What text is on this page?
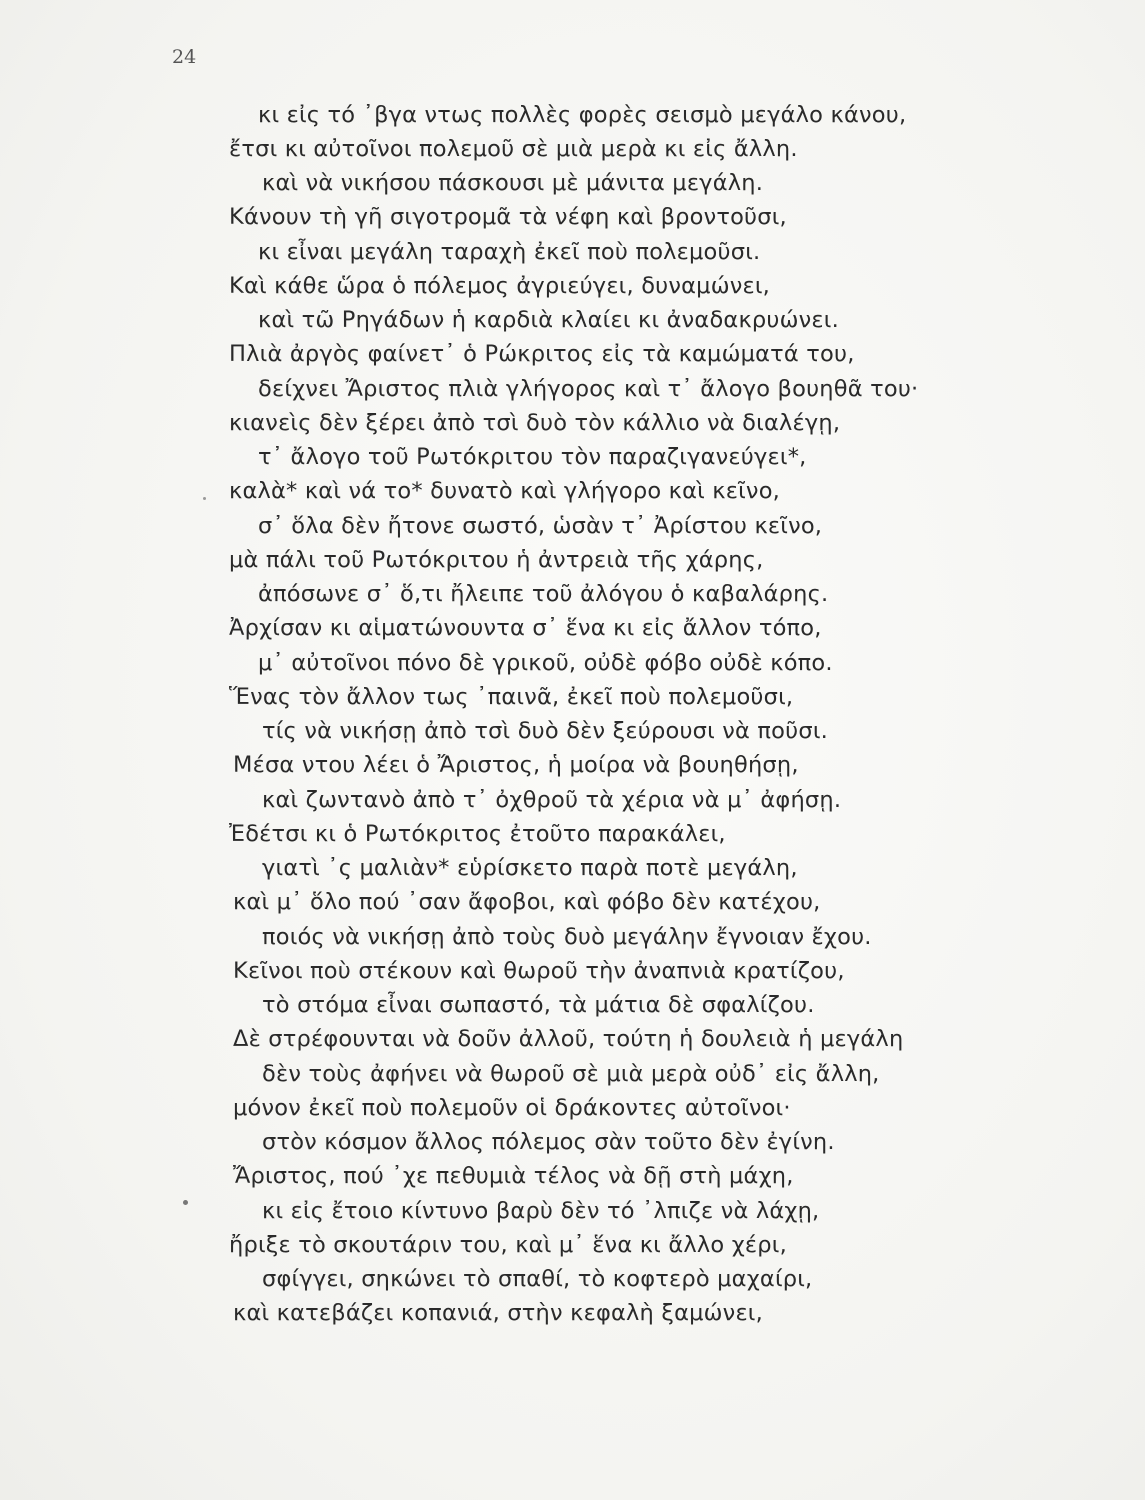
24
κι εἰς τό ᾿βγα ντως πολλὲς φορὲς σεισμὸ μεγάλο κάνου,
ἔτσι κι αὐτοῖνοι πολεμοῦ σὲ μιὰ μερὰ κι εἰς ἄλλη.
καὶ νὰ νικήσου πάσκουσι μὲ μάνιτα μεγάλη.
Κάνουν τὴ γῆ σιγοτρομᾶ τὰ νέφη καὶ βροντοῦσι,
κι εἶναι μεγάλη ταραχὴ ἐκεῖ ποὺ πολεμοῦσι.
Καὶ κάθε ὥρα ὁ πόλεμος ἀγριεύγει, δυναμώνει,
καὶ τῶ Ρηγάδων ἡ καρδιὰ κλαίει κι ἀναδακρυώνει.
Πλιὰ ἀργὸς φαίνετ᾿ ὁ Ρώκριτος εἰς τὰ καμώματά του,
δείχνει Ἄριστος πλιὰ γλήγορος καὶ τ᾿ ἄλογο βουηθᾶ του·
κιανεὶς δὲν ξέρει ἀπὸ τσὶ δυὸ τὸν κάλλιο νὰ διαλέγῃ,
τ᾿ ἄλογο τοῦ Ρωτόκριτου τὸν παραζιγανεύγει*,
καλὰ* καὶ νά το* δυνατὸ καὶ γλήγορο καὶ κεῖνο,
σ᾿ ὅλα δὲν ἤτονε σωστό, ὡσὰν τ᾿ Ἀρίστου κεῖνο,
μὰ πάλι τοῦ Ρωτόκριτου ἡ ἀντρειὰ τῆς χάρης,
ἀπόσωνε σ᾿ ὅ,τι ἤλειπε τοῦ ἀλόγου ὁ καβαλάρης.
Ἀρχίσαν κι αἱματώνουντα σ᾿ ἕνα κι εἰς ἄλλον τόπο,
μ᾿ αὐτοῖνοι πόνο δὲ γρικοῦ, οὐδὲ φόβο οὐδὲ κόπο.
Ἕνας τὸν ἄλλον τως ᾿παινᾶ, ἐκεῖ ποὺ πολεμοῦσι,
τίς νὰ νικήσῃ ἀπὸ τσὶ δυὸ δὲν ξεύρουσι νὰ ποῦσι.
Μέσα ντου λέει ὁ Ἄριστος, ἡ μοίρα νὰ βουηθήσῃ,
καὶ ζωντανὸ ἀπὸ τ᾿ ὀχθροῦ τὰ χέρια νὰ μ᾿ ἀφήσῃ.
Ἐδέτσι κι ὁ Ρωτόκριτος ἐτοῦτο παρακάλει,
γιατὶ ᾿ς μαλιὰν* εὑρίσκετο παρὰ ποτὲ μεγάλη,
καὶ μ᾿ ὅλο πού ᾿σαν ἄφοβοι, καὶ φόβο δὲν κατέχου,
ποιός νὰ νικήσῃ ἀπὸ τοὺς δυὸ μεγάλην ἔγνοιαν ἔχου.
Κεῖνοι ποὺ στέκουν καὶ θωροῦ τὴν ἀναπνιὰ κρατίζου,
τὸ στόμα εἶναι σωπαστό, τὰ μάτια δὲ σφαλίζου.
Δὲ στρέφουνται νὰ δοῦν ἀλλοῦ, τούτη ἡ δουλειὰ ἡ μεγάλη
δὲν τοὺς ἀφήνει νὰ θωροῦ σὲ μιὰ μερὰ οὐδ᾿ εἰς ἄλλη,
μόνον ἐκεῖ ποὺ πολεμοῦν οἱ δράκοντες αὐτοῖνοι·
στὸν κόσμον ἄλλος πόλεμος σὰν τοῦτο δὲν ἐγίνη.
Ἄριστος, πού ᾿χε πεθυμιὰ τέλος νὰ δῇ στὴ μάχη,
κι εἰς ἔτοιο κίντυνο βαρὺ δὲν τό ᾿λπιζε νὰ λάχῃ,
ἤριξε τὸ σκουτάριν του, καὶ μ᾿ ἕνα κι ἄλλο χέρι,
σφίγγει, σηκώνει τὸ σπαθί, τὸ κοφτερὸ μαχαίρι,
καὶ κατεβάζει κοπανιά, στὴν κεφαλὴ ξαμώνει,
